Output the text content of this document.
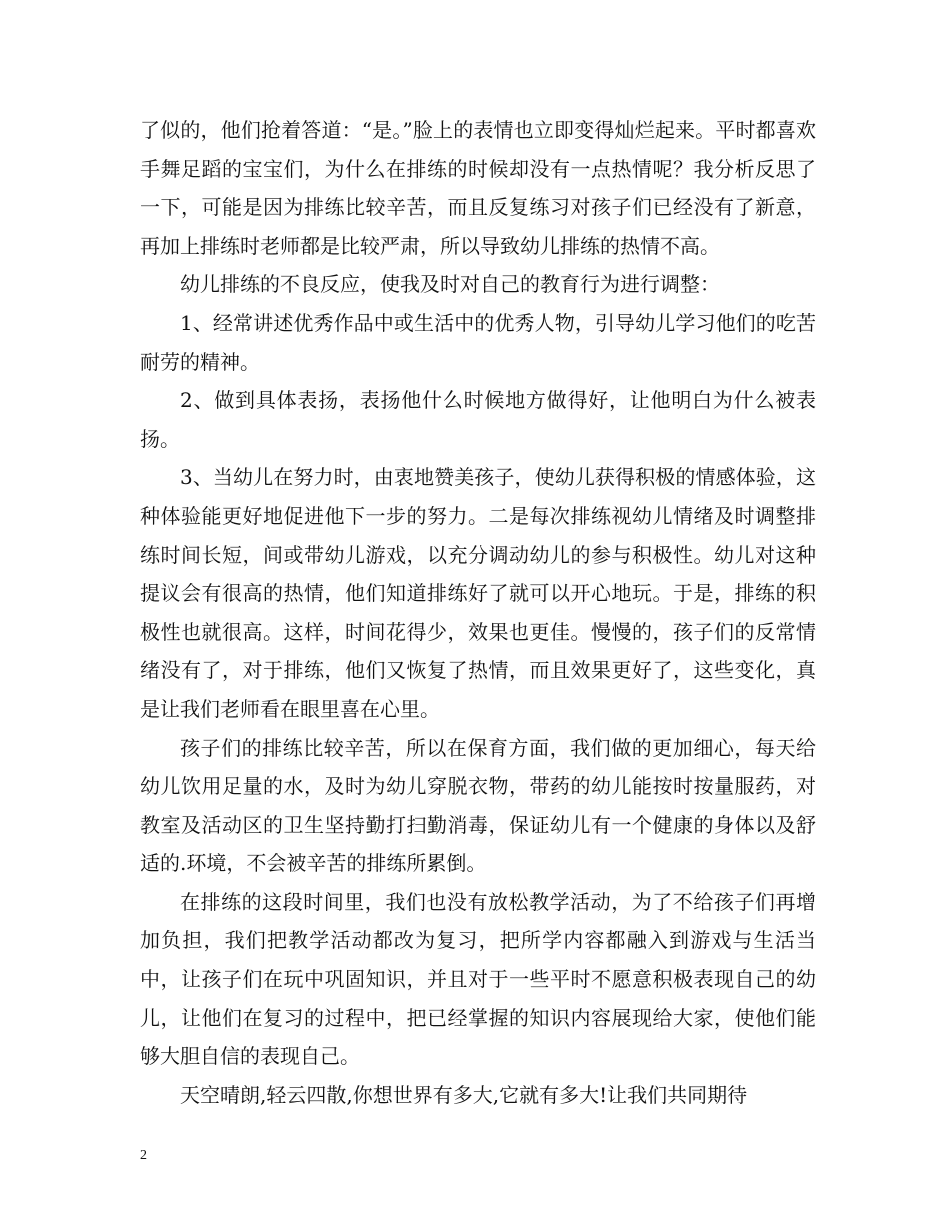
了似的，他们抢着答道：“是。”脸上的表情也立即变得灿烂起来。平时都喜欢手舞足蹈的宝宝们，为什么在排练的时候却没有一点热情呢？我分析反思了一下，可能是因为排练比较辛苦，而且反复练习对孩子们已经没有了新意，再加上排练时老师都是比较严肃，所以导致幼儿排练的热情不高。

幼儿排练的不良反应，使我及时对自己的教育行为进行调整：

1、经常讲述优秀作品中或生活中的优秀人物，引导幼儿学习他们的吃苦耐劳的精神。

2、做到具体表扬，表扬他什么时候地方做得好，让他明白为什么被表扬。

3、当幼儿在努力时，由衷地赞美孩子，使幼儿获得积极的情感体验，这种体验能更好地促进他下一步的努力。二是每次排练视幼儿情绪及时调整排练时间长短，间或带幼儿游戏，以充分调动幼儿的参与积极性。幼儿对这种提议会有很高的热情，他们知道排练好了就可以开心地玩。于是，排练的积极性也就很高。这样，时间花得少，效果也更佳。慢慢的，孩子们的反常情绪没有了，对于排练，他们又恢复了热情，而且效果更好了，这些变化，真是让我们老师看在眼里喜在心里。

孩子们的排练比较辛苦，所以在保育方面，我们做的更加细心，每天给幼儿饮用足量的水，及时为幼儿穿脱衣物，带药的幼儿能按时按量服药，对教室及活动区的卫生坚持勤打扫勤消毒，保证幼儿有一个健康的身体以及舒适的.环境，不会被辛苦的排练所累倒。

在排练的这段时间里，我们也没有放松教学活动，为了不给孩子们再增加负担，我们把教学活动都改为复习，把所学内容都融入到游戏与生活当中，让孩子们在玩中巩固知识，并且对于一些平时不愿意积极表现自己的幼儿，让他们在复习的过程中，把已经掌握的知识内容展现给大家，使他们能够大胆自信的表现自己。

天空晴朗,轻云四散,你想世界有多大,它就有多大!让我们共同期待

2
